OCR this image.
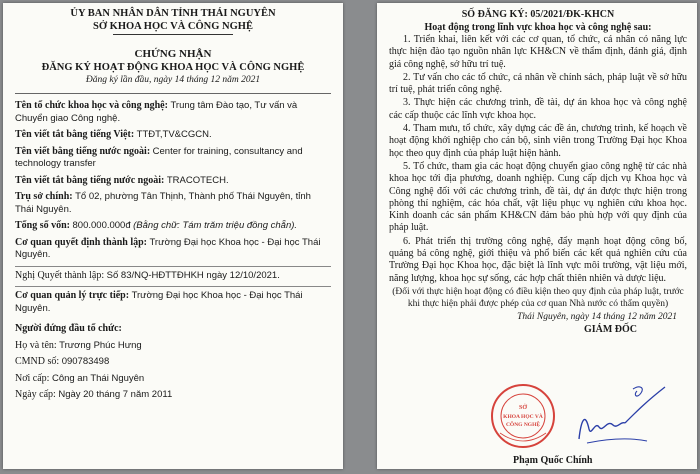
ỦY BAN NHÂN DÂN TỈNH THÁI NGUYÊN
SỞ KHOA HỌC VÀ CÔNG NGHỆ
CHỨNG NHẬN
ĐĂNG KÝ HOẠT ĐỘNG KHOA HỌC VÀ CÔNG NGHỆ
Đăng ký lần đầu, ngày 14 tháng 12 năm 2021

Tên tổ chức khoa học và công nghệ: Trung tâm Đào tạo, Tư vấn và Chuyển giao Công nghệ.

Tên viết tắt bằng tiếng Việt: TTĐT,TV&CGCN.

Tên viết bằng tiếng nước ngoài: Center for training, consultancy and technology transfer

Tên viết tắt bằng tiếng nước ngoài: TRACOTECH.

Trụ sở chính: Tổ 02, phường Tân Thịnh, Thành phố Thái Nguyên, tỉnh Thái Nguyên.

Tổng số vốn: 800.000.000đ (Bằng chữ: Tám trăm triệu đồng chẵn).

Cơ quan quyết định thành lập: Trường Đại học Khoa học - Đại học Thái Nguyên.

Nghị Quyết thành lập: Số 83/NQ-HĐTTĐHKH ngày 12/10/2021.

Cơ quan quản lý trực tiếp: Trường Đại học Khoa học - Đại học Thái Nguyên.

Người đứng đầu tổ chức:

Họ và tên: Trương Phúc Hưng

CMND số: 090783498

Nơi cấp: Công an Thái Nguyên

Ngày cấp: Ngày 20 tháng 7 năm 2011

SỐ ĐĂNG KÝ: 05/2021/ĐK-KHCN
Hoạt động trong lĩnh vực khoa học và công nghệ sau:

1. Triển khai, liên kết với các cơ quan, tổ chức, cá nhân có năng lực thực hiện đào tạo nguồn nhân lực KH&CN về thẩm định, đánh giá, định giá công nghệ, sở hữu trí tuệ.

2. Tư vấn cho các tổ chức, cá nhân về chính sách, pháp luật về sở hữu trí tuệ, phát triển công nghệ.

3. Thực hiện các chương trình, đề tài, dự án khoa học và công nghệ các cấp thuộc các lĩnh vực khoa học.

4. Tham mưu, tổ chức, xây dựng các đề án, chương trình, kế hoạch về hoạt động khởi nghiệp cho cán bộ, sinh viên trong Trường Đại học Khoa học theo quy định của pháp luật hiện hành.

5. Tổ chức, tham gia các hoạt động chuyển giao công nghệ từ các nhà khoa học tới địa phương, doanh nghiệp. Cung cấp dịch vụ Khoa học và Công nghệ đối với các chương trình, đề tài, dự án được thực hiện trong phòng thí nghiệm, các hóa chất, vật liệu phục vụ nghiên cứu khoa học. Kinh doanh các sản phẩm KH&CN đảm bảo phù hợp với quy định của pháp luật.

6. Phát triển thị trường công nghệ, đẩy mạnh hoạt động công bố, quảng bá công nghệ, giới thiệu và phổ biến các kết quả nghiên cứu của Trường Đại học Khoa học, đặc biệt là lĩnh vực môi trường, vật liệu mới, năng lượng, khoa học sự sống, các hợp chất thiên nhiên và dược liệu.

(Đối với thực hiện hoạt động có điều kiện theo quy định của pháp luật, trước khi thực hiện phải được phép của cơ quan Nhà nước có thẩm quyền)
Thái Nguyên, ngày 14 tháng 12 năm 2021
GIÁM ĐỐC
SỞ
KHOA HỌC VÀ
CÔNG NGHỆ
Phạm Quốc Chính
